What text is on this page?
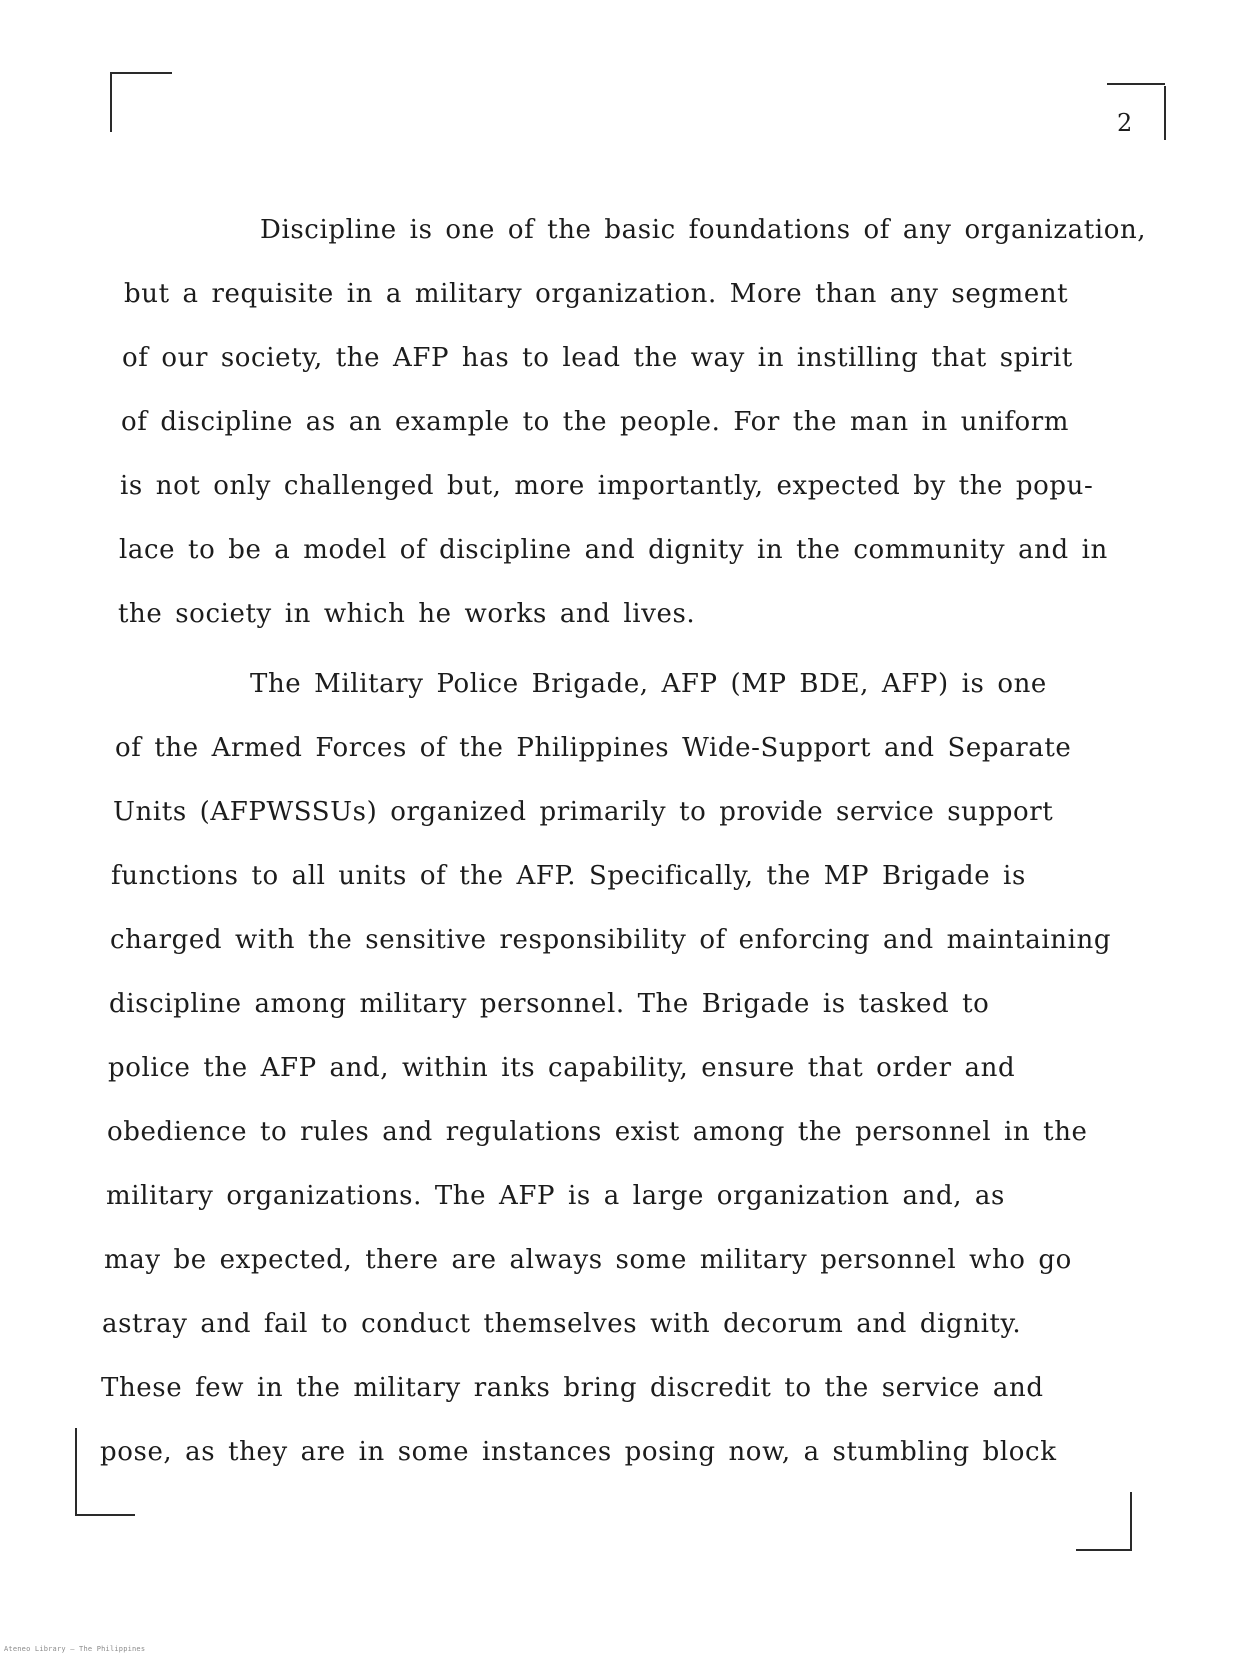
2
Discipline is one of the basic foundations of any organization,
but a requisite in a military organization. More than any segment
of our society, the AFP has to lead the way in instilling that spirit
of discipline as an example to the people. For the man in uniform
is not only challenged but, more importantly, expected by the popu-
lace to be a model of discipline and dignity in the community and in
the society in which he works and lives.
The Military Police Brigade, AFP (MP BDE, AFP) is one
of the Armed Forces of the Philippines Wide-Support and Separate
Units (AFPWSSUs) organized primarily to provide service support
functions to all units of the AFP. Specifically, the MP Brigade is
charged with the sensitive responsibility of enforcing and maintaining
discipline among military personnel. The Brigade is tasked to
police the AFP and, within its capability, ensure that order and
obedience to rules and regulations exist among the personnel in the
military organizations. The AFP is a large organization and, as
may be expected, there are always some military personnel who go
astray and fail to conduct themselves with decorum and dignity.
These few in the military ranks bring discredit to the service and
pose, as they are in some instances posing now, a stumbling block
Ateneo Library — The Philippines
